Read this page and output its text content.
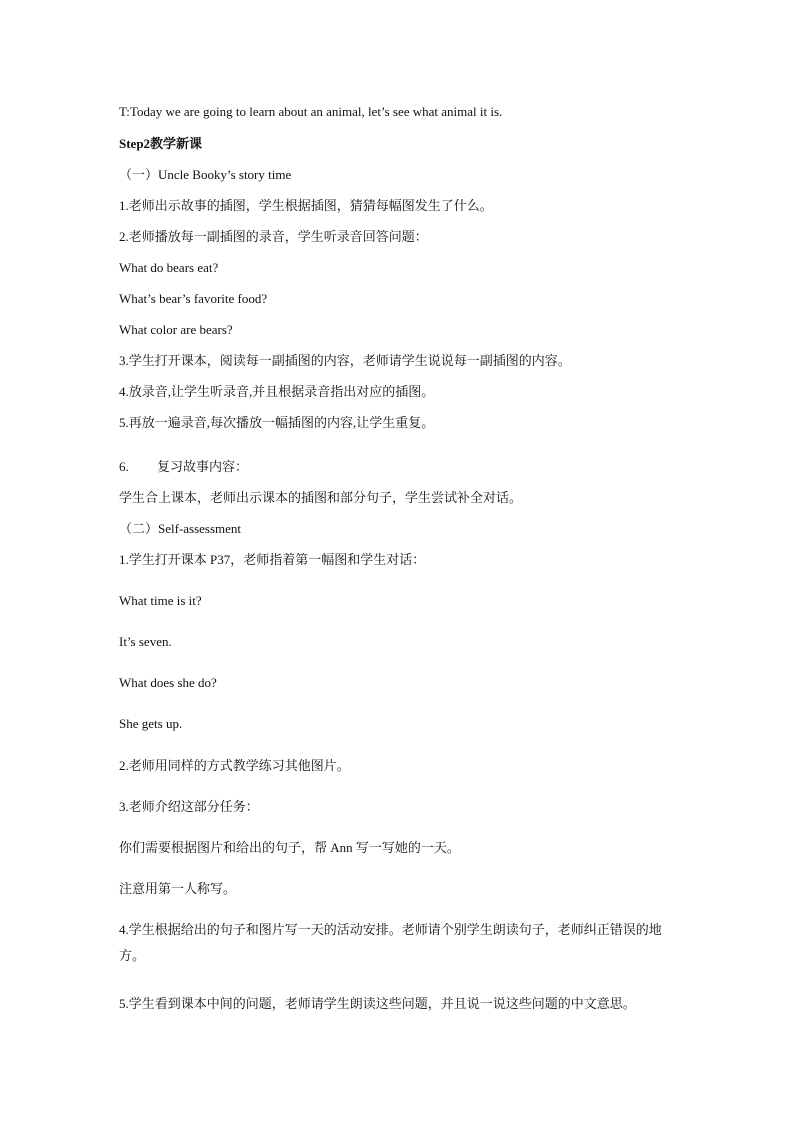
T:Today we are going to learn about an animal, let’s see what animal it is.
Step2教学新课
（一）Uncle Booky’s story time
1.老师出示故事的插图，学生根据插图，猜猜每幅图发生了什么。
2.老师播放每一副插图的录音，学生听录音回答问题：
What do bears eat?
What’s bear’s favorite food?
What color are bears?
3.学生打开课本，阅读每一副插图的内容，老师请学生说说每一副插图的内容。
4.放录音,让学生听录音,并且根据录音指出对应的插图。
5.再放一遍录音,每次播放一幅插图的内容,让学生重复。
6. 复习故事内容：
学生合上课本，老师出示课本的插图和部分句子，学生尝试补全对话。
（二）Self-assessment
1.学生打开课本 P37，老师指着第一幅图和学生对话：
What time is it?
It’s seven.
What does she do?
She gets up.
2.老师用同样的方式教学练习其他图片。
3.老师介绍这部分任务：
你们需要根据图片和给出的句子，帮 Ann 写一写她的一天。
注意用第一人称写。
4.学生根据给出的句子和图片写一天的活动安排。老师请个别学生朗读句子，老师纠正错误的地方。
5.学生看到课本中间的问题，老师请学生朗读这些问题，并且说一说这些问题的中文意思。
